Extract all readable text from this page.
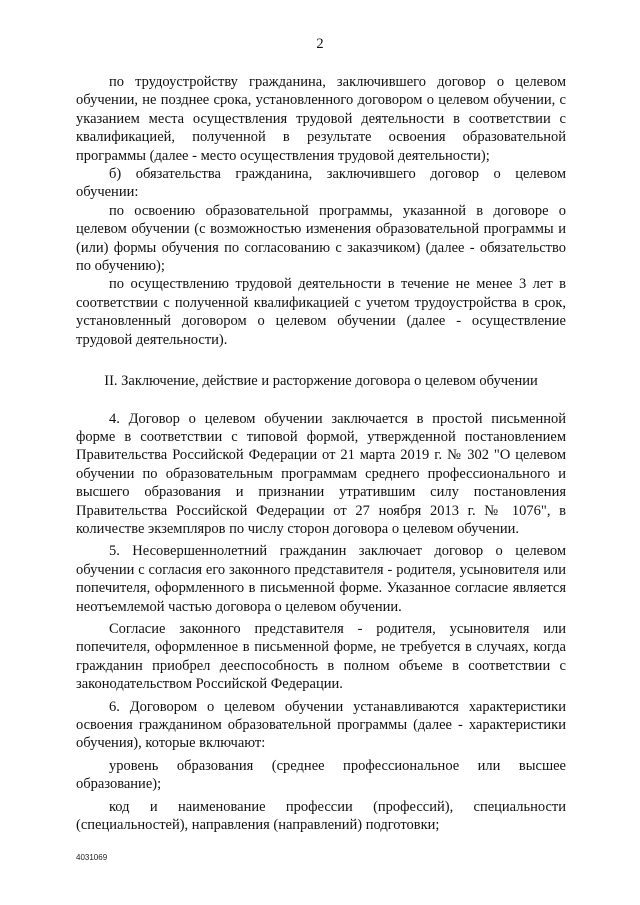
2

по трудоустройству гражданина, заключившего договор о целевом обучении, не позднее срока, установленного договором о целевом обучении, с указанием места осуществления трудовой деятельности в соответствии с квалификацией, полученной в результате освоения образовательной программы (далее - место осуществления трудовой деятельности);

б) обязательства гражданина, заключившего договор о целевом обучении:

по освоению образовательной программы, указанной в договоре о целевом обучении (с возможностью изменения образовательной программы и (или) формы обучения по согласованию с заказчиком) (далее - обязательство по обучению);

по осуществлению трудовой деятельности в течение не менее 3 лет в соответствии с полученной квалификацией с учетом трудоустройства в срок, установленный договором о целевом обучении (далее - осуществление трудовой деятельности).

II. Заключение, действие и расторжение договора о целевом обучении

4. Договор о целевом обучении заключается в простой письменной форме в соответствии с типовой формой, утвержденной постановлением Правительства Российской Федерации от 21 марта 2019 г. № 302 "О целевом обучении по образовательным программам среднего профессионального и высшего образования и признании утратившим силу постановления Правительства Российской Федерации от 27 ноября 2013 г. № 1076", в количестве экземпляров по числу сторон договора о целевом обучении.

5. Несовершеннолетний гражданин заключает договор о целевом обучении с согласия его законного представителя - родителя, усыновителя или попечителя, оформленного в письменной форме. Указанное согласие является неотъемлемой частью договора о целевом обучении.

Согласие законного представителя - родителя, усыновителя или попечителя, оформленное в письменной форме, не требуется в случаях, когда гражданин приобрел дееспособность в полном объеме в соответствии с законодательством Российской Федерации.

6. Договором о целевом обучении устанавливаются характеристики освоения гражданином образовательной программы (далее - характеристики обучения), которые включают:

уровень образования (среднее профессиональное или высшее образование);

код и наименование профессии (профессий), специальности (специальностей), направления (направлений) подготовки;

4031069
